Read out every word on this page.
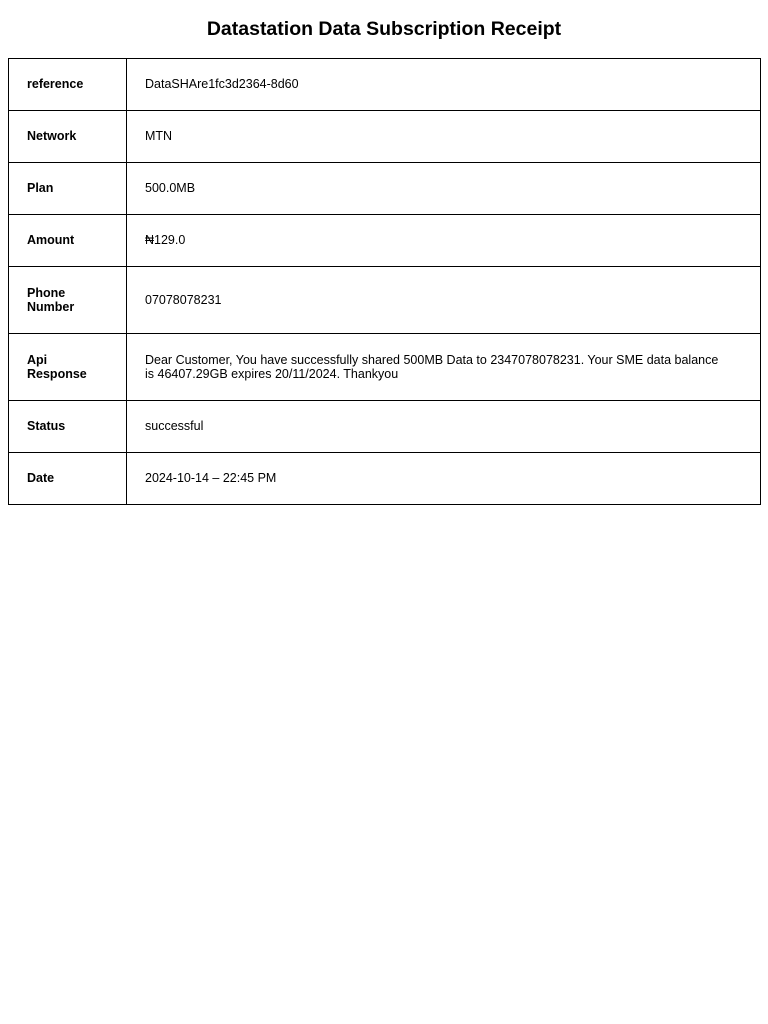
Datastation Data Subscription Receipt
reference	DataSHAre1fc3d2364-8d60
Network	MTN
Plan	500.0MB
Amount	₦129.0
Phone Number	07078078231
Api Response	Dear Customer, You have successfully shared 500MB Data to 2347078078231. Your SME data balance is 46407.29GB expires 20/11/2024. Thankyou
Status	successful
Date	2024-10-14 – 22:45 PM
